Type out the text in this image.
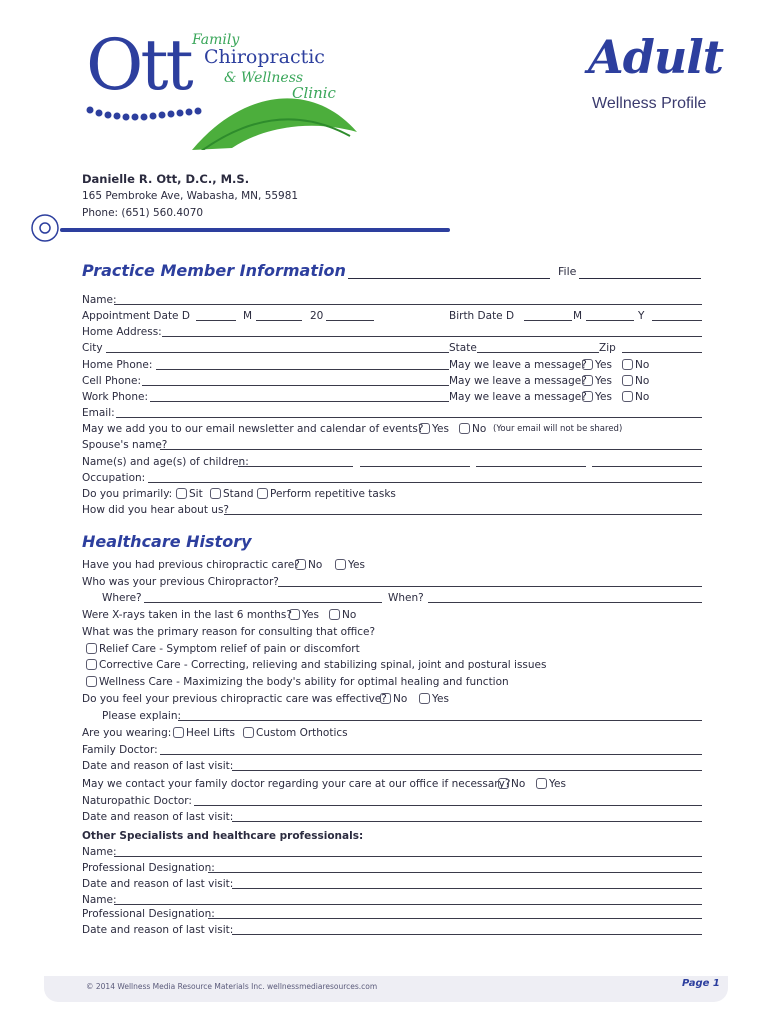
Ott Family
Chiropractic
& Wellness
Clinic
Adult
Wellness Profile
Danielle R. Ott, D.C., M.S.
165 Pembroke Ave, Wabasha, MN, 55981
Phone: (651) 560.4070
Practice Member Information	File
Name:
Appointment Date D	M	20	Birth Date D	M	Y
Home Address:
City	State	Zip
Home Phone:	May we leave a message? Yes	No
Cell Phone:	May we leave a message? Yes	No
Work Phone:	May we leave a message? Yes	No
Email:
May we add you to our email newsletter and calendar of events? Yes	No (Your email will not be shared)
Spouse's name?
Name(s) and age(s) of children:
Occupation:
Do you primarily:	Sit	Stand	Perform repetitive tasks
How did you hear about us?
Healthcare History
Have you had previous chiropractic care? No	Yes
Who was your previous Chiropractor?
Where?	When?
Were X-rays taken in the last 6 months? Yes	No
What was the primary reason for consulting that office?
Relief Care - Symptom relief of pain or discomfort
Corrective Care - Correcting, relieving and stabilizing spinal, joint and postural issues
Wellness Care - Maximizing the body's ability for optimal healing and function
Do you feel your previous chiropractic care was effective? No	Yes
Please explain:
Are you wearing:	Heel Lifts	Custom Orthotics
Family Doctor:
Date and reason of last visit:
May we contact your family doctor regarding your care at our office if necessary? No	Yes
Naturopathic Doctor:
Date and reason of last visit:
Other Specialists and healthcare professionals:
Name:
Professional Designation:
Date and reason of last visit:
Name:
Professional Designation:
Date and reason of last visit:
© 2014 Wellness Media Resource Materials Inc. wellnessmediaresources.com	Page 1
